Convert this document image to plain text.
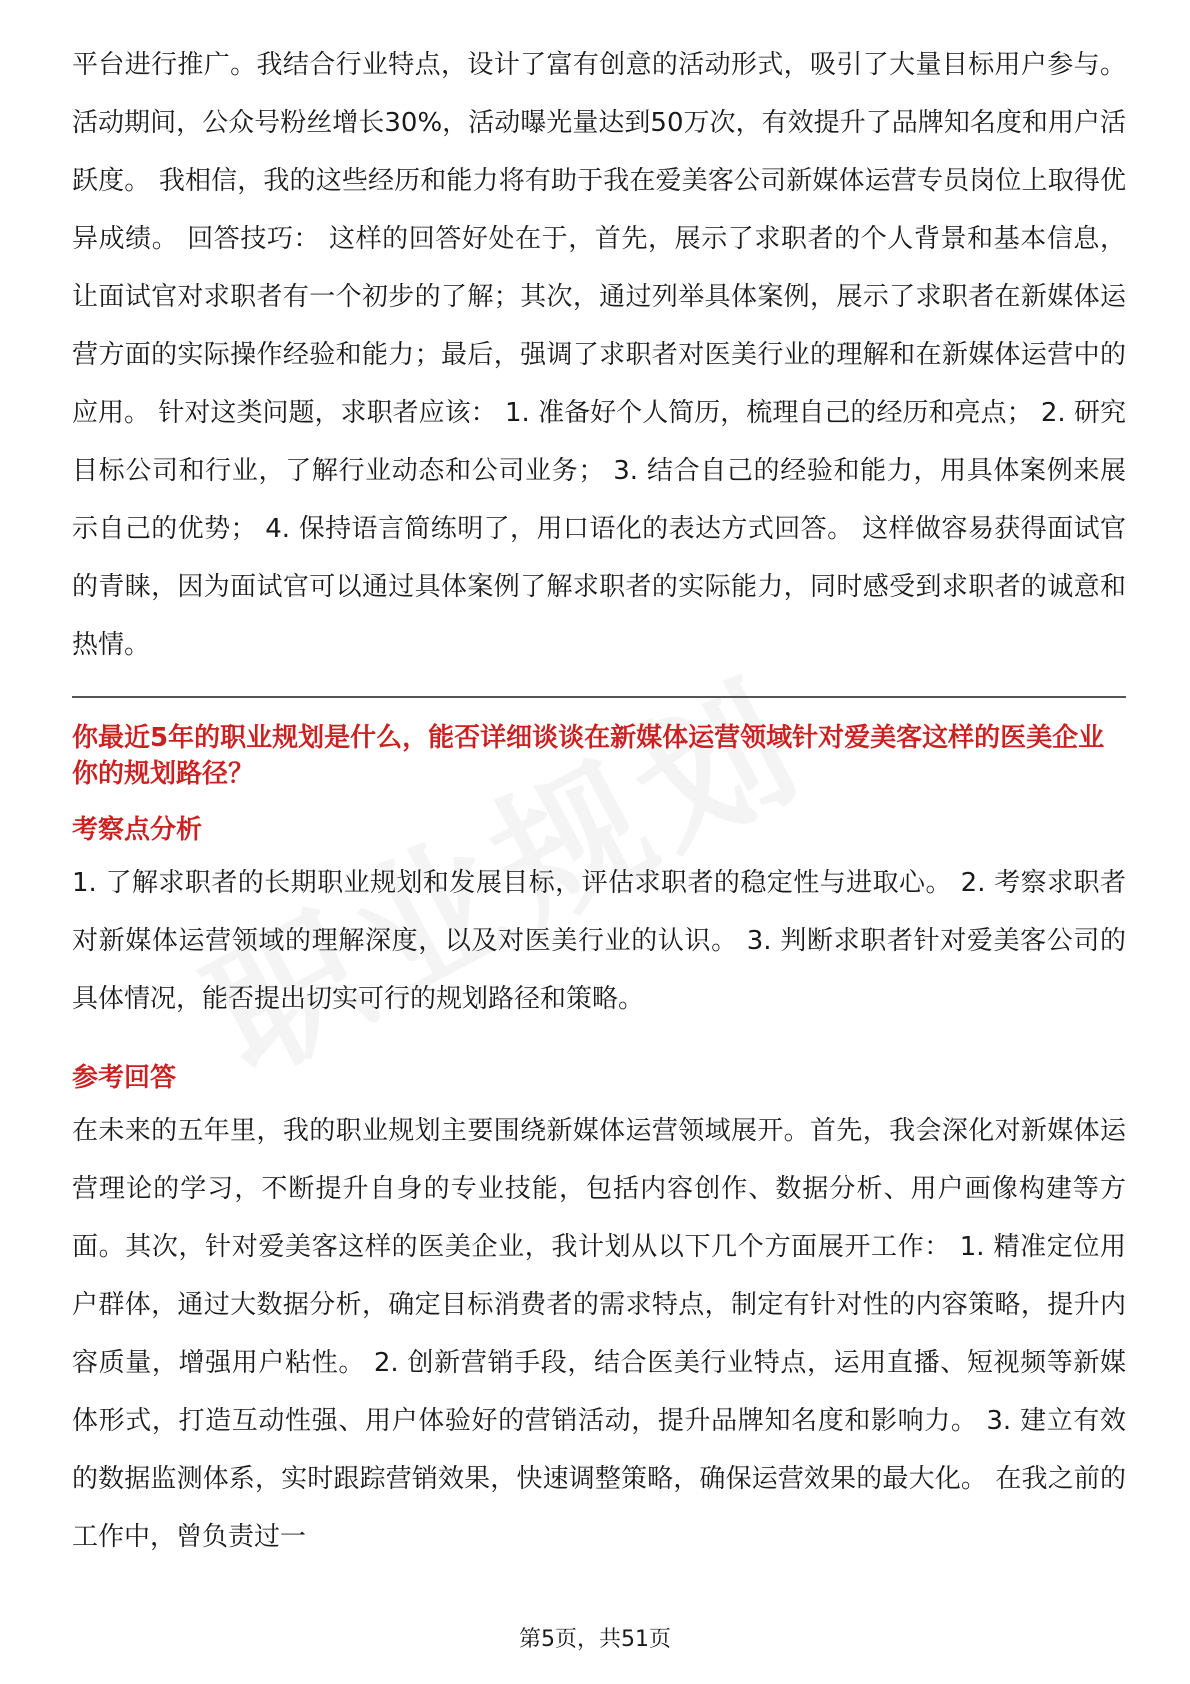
平台进行推广。我结合行业特点，设计了富有创意的活动形式，吸引了大量目标用户参与。活动期间，公众号粉丝增长30%，活动曝光量达到50万次，有效提升了品牌知名度和用户活跃度。 我相信，我的这些经历和能力将有助于我在爱美客公司新媒体运营专员岗位上取得优异成绩。 回答技巧： 这样的回答好处在于，首先，展示了求职者的个人背景和基本信息，让面试官对求职者有一个初步的了解；其次，通过列举具体案例，展示了求职者在新媒体运营方面的实际操作经验和能力；最后，强调了求职者对医美行业的理解和在新媒体运营中的应用。 针对这类问题，求职者应该： 1. 准备好个人简历，梳理自己的经历和亮点； 2. 研究目标公司和行业，了解行业动态和公司业务； 3. 结合自己的经验和能力，用具体案例来展示自己的优势； 4. 保持语言简练明了，用口语化的表达方式回答。 这样做容易获得面试官的青睐，因为面试官可以通过具体案例了解求职者的实际能力，同时感受到求职者的诚意和热情。

你最近5年的职业规划是什么，能否详细谈谈在新媒体运营领域针对爱美客这样的医美企业你的规划路径？

考察点分析

1. 了解求职者的长期职业规划和发展目标，评估求职者的稳定性与进取心。 2. 考察求职者对新媒体运营领域的理解深度，以及对医美行业的认识。 3. 判断求职者针对爱美客公司的具体情况，能否提出切实可行的规划路径和策略。

参考回答

在未来的五年里，我的职业规划主要围绕新媒体运营领域展开。首先，我会深化对新媒体运营理论的学习，不断提升自身的专业技能，包括内容创作、数据分析、用户画像构建等方面。其次，针对爱美客这样的医美企业，我计划从以下几个方面展开工作： 1. 精准定位用户群体，通过大数据分析，确定目标消费者的需求特点，制定有针对性的内容策略，提升内容质量，增强用户粘性。 2. 创新营销手段，结合医美行业特点，运用直播、短视频等新媒体形式，打造互动性强、用户体验好的营销活动，提升品牌知名度和影响力。 3. 建立有效的数据监测体系，实时跟踪营销效果，快速调整策略，确保运营效果的最大化。 在我之前的工作中，曾负责过一

第5页，共51页
